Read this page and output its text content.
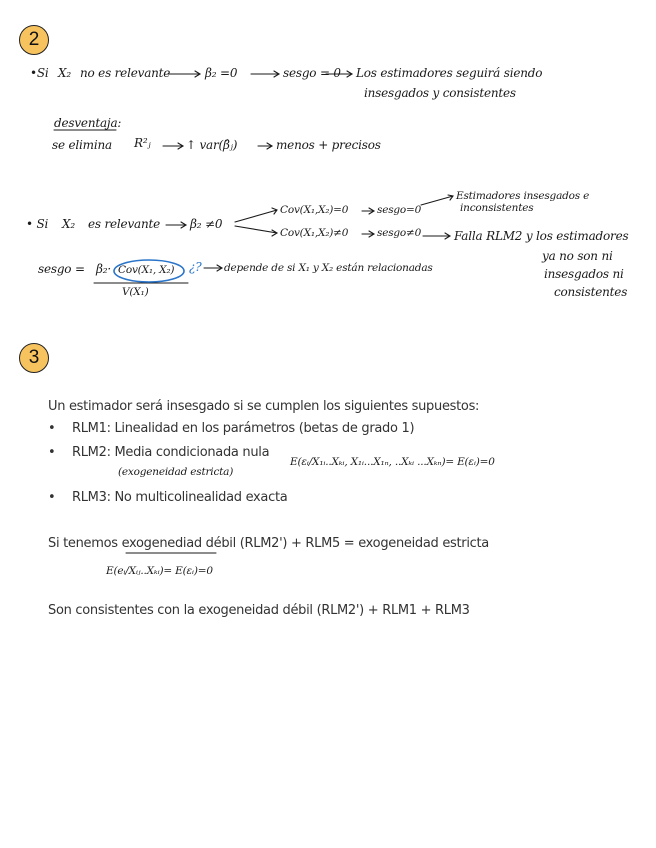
2
•Si X₂ no es relevante	β₂ =0	sesgo = 0 Los estimadores seguirá siendo
insesgados y consistentes
desventaja:
se elimina R²ⱼ	↑ var(β̂ⱼ)	menos + precisos
• Si X₂ es relevante β₂ ≠0
Cov(X₁,X₂)=0	sesgo=0
Estimadores insesgados e
inconsistentes
Cov(X₁,X₂)≠0	sesgo≠0	Falla RLM2 y los estimadores
ya no son ni
insesgados ni
consistentes
sesgo = β₂· Cov(X₁, X₂)
V(X₁)
¿? depende de si X₁ y X₂ están relacionadas
3
Un estimador será insesgado si se cumplen los siguientes supuestos:
• RLM1: Linealidad en los parámetros (betas de grado 1)
• RLM2: Media condicionada nula
E(εᵢ/X₁ᵢ..Xₖᵢ, X₁ᵢ...X₁ₙ, ..Xₖᵢ ...Xₖₙ)= E(εᵢ)=0
(exogeneidad estricta)
• RLM3: No multicolinealidad exacta
Si tenemos exogenediad débil (RLM2') + RLM5 = exogeneidad estricta
E(eᵢ/Xᵢⱼ..Xₖᵢ)= E(εᵢ)=0
Son consistentes con la exogeneidad débil (RLM2') + RLM1 + RLM3
